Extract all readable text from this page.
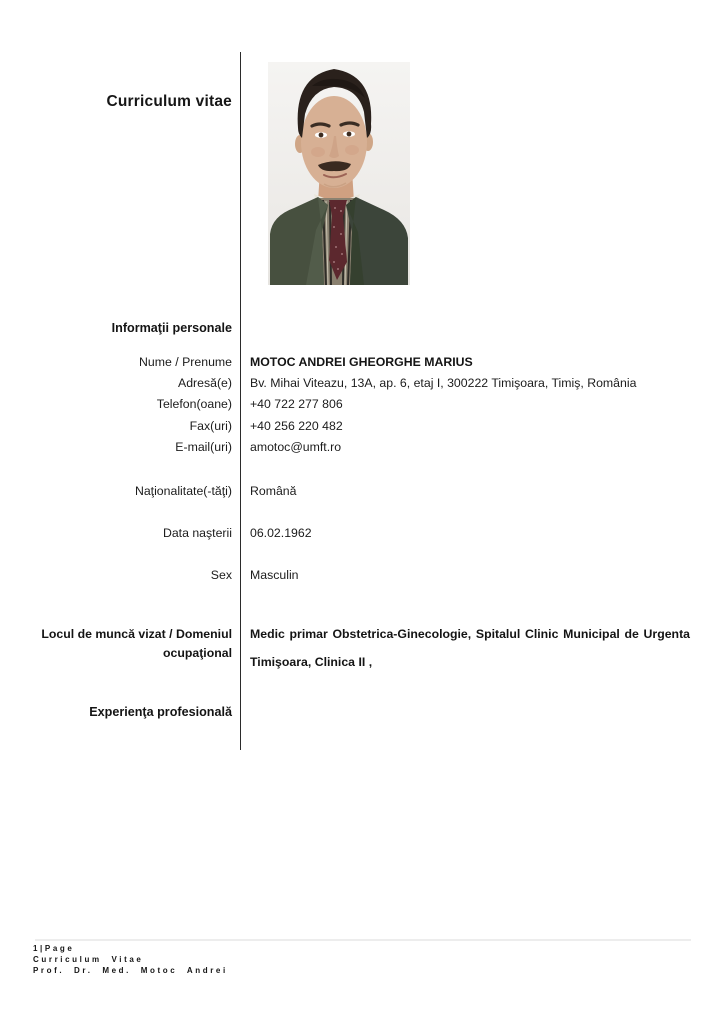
Curriculum vitae
Informaţii personale
Nume / Prenume MOTOC ANDREI GHEORGHE MARIUS
Adresă(e) Bv. Mihai Viteazu, 13A, ap. 6, etaj I, 300222 Timişoara, Timiş, România
Telefon(oane) +40 722 277 806
Fax(uri) +40 256 220 482
E-mail(uri) amotoc@umft.ro
Naţionalitate(-tăţi) Română
Data naşterii 06.02.1962
Sex Masculin
Locul de muncă vizat / Domeniul ocupaţional
Medic primar Obstetrica-Ginecologie, Spitalul Clinic Municipal de Urgenta Timişoara, Clinica II ,
Experienţa profesională
1|Page
Curriculum Vitae
Prof. Dr. Med. Motoc Andrei
